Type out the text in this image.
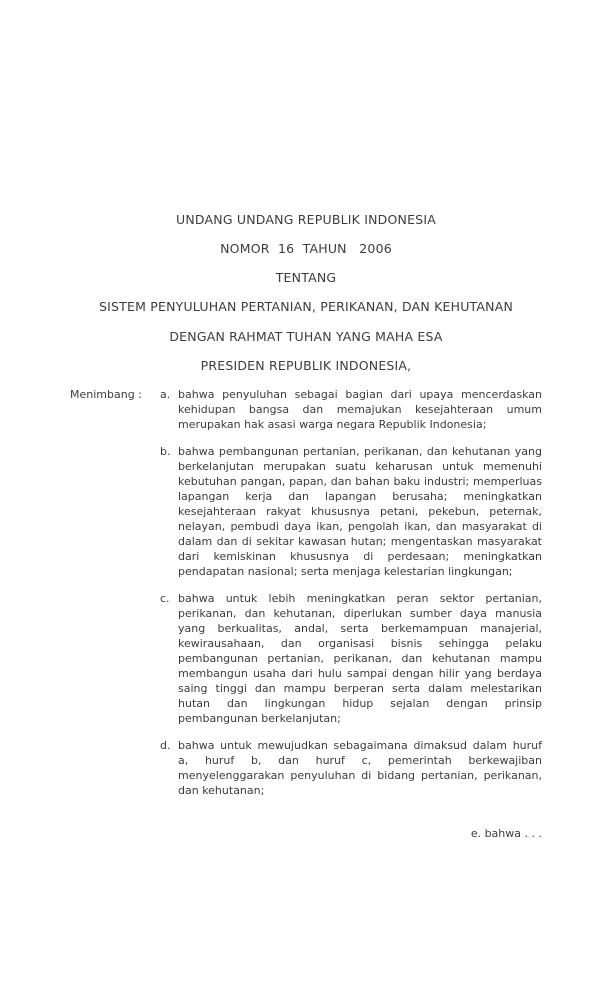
UNDANG UNDANG REPUBLIK INDONESIA
NOMOR  16  TAHUN   2006
TENTANG
SISTEM PENYULUHAN PERTANIAN, PERIKANAN, DAN KEHUTANAN
DENGAN RAHMAT TUHAN YANG MAHA ESA
PRESIDEN REPUBLIK INDONESIA,
Menimbang :	a. bahwa penyuluhan sebagai bagian dari upaya mencerdaskan kehidupan bangsa dan memajukan kesejahteraan umum merupakan hak asasi warga negara Republik Indonesia;

b. bahwa pembangunan pertanian, perikanan, dan kehutanan yang berkelanjutan merupakan suatu keharusan untuk memenuhi kebutuhan pangan, papan, dan bahan baku industri; memperluas lapangan kerja dan lapangan berusaha; meningkatkan kesejahteraan rakyat khususnya petani, pekebun, peternak, nelayan, pembudi daya ikan, pengolah ikan, dan masyarakat di dalam dan di sekitar kawasan hutan; mengentaskan masyarakat dari kemiskinan khususnya di perdesaan; meningkatkan pendapatan nasional; serta menjaga kelestarian lingkungan;

c. bahwa untuk lebih meningkatkan peran sektor pertanian, perikanan, dan kehutanan, diperlukan sumber daya manusia yang berkualitas, andal, serta berkemampuan manajerial, kewirausahaan, dan organisasi bisnis sehingga pelaku pembangunan pertanian, perikanan, dan kehutanan mampu membangun usaha dari hulu sampai dengan hilir yang berdaya saing tinggi dan mampu berperan serta dalam melestarikan hutan dan lingkungan hidup sejalan dengan prinsip pembangunan berkelanjutan;

d. bahwa untuk mewujudkan sebagaimana dimaksud dalam huruf a, huruf b, dan huruf c, pemerintah berkewajiban menyelenggarakan penyuluhan di bidang pertanian, perikanan, dan kehutanan;

e. bahwa . . .
